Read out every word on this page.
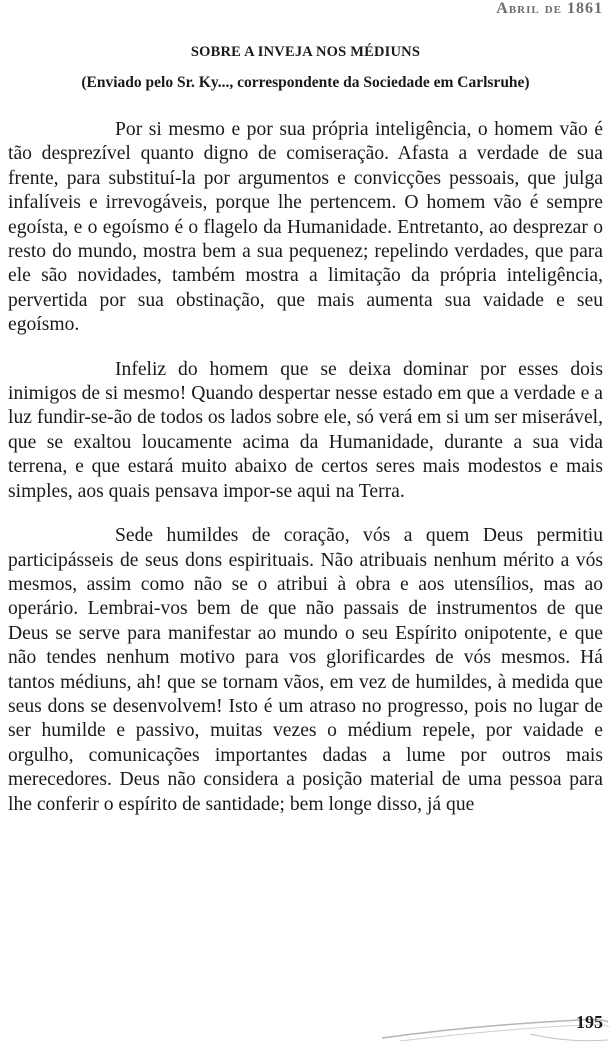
Abril de 1861
SOBRE A INVEJA NOS MÉDIUNS
(Enviado pelo Sr. Ky..., correspondente da Sociedade em Carlsruhe)

Por si mesmo e por sua própria inteligência, o homem vão é tão desprezível quanto digno de comiseração. Afasta a verdade de sua frente, para substituí-la por argumentos e convicções pessoais, que julga infalíveis e irrevogáveis, porque lhe pertencem. O homem vão é sempre egoísta, e o egoísmo é o flagelo da Humanidade. Entretanto, ao desprezar o resto do mundo, mostra bem a sua pequenez; repelindo verdades, que para ele são novidades, também mostra a limitação da própria inteligência, pervertida por sua obstinação, que mais aumenta sua vaidade e seu egoísmo.

Infeliz do homem que se deixa dominar por esses dois inimigos de si mesmo! Quando despertar nesse estado em que a verdade e a luz fundir-se-ão de todos os lados sobre ele, só verá em si um ser miserável, que se exaltou loucamente acima da Humanidade, durante a sua vida terrena, e que estará muito abaixo de certos seres mais modestos e mais simples, aos quais pensava impor-se aqui na Terra.

Sede humildes de coração, vós a quem Deus permitiu participásseis de seus dons espirituais. Não atribuais nenhum mérito a vós mesmos, assim como não se o atribui à obra e aos utensílios, mas ao operário. Lembrai-vos bem de que não passais de instrumentos de que Deus se serve para manifestar ao mundo o seu Espírito onipotente, e que não tendes nenhum motivo para vos glorificardes de vós mesmos. Há tantos médiuns, ah! que se tornam vãos, em vez de humildes, à medida que seus dons se desenvolvem! Isto é um atraso no progresso, pois no lugar de ser humilde e passivo, muitas vezes o médium repele, por vaidade e orgulho, comunicações importantes dadas a lume por outros mais merecedores. Deus não considera a posição material de uma pessoa para lhe conferir o espírito de santidade; bem longe disso, já que

195
